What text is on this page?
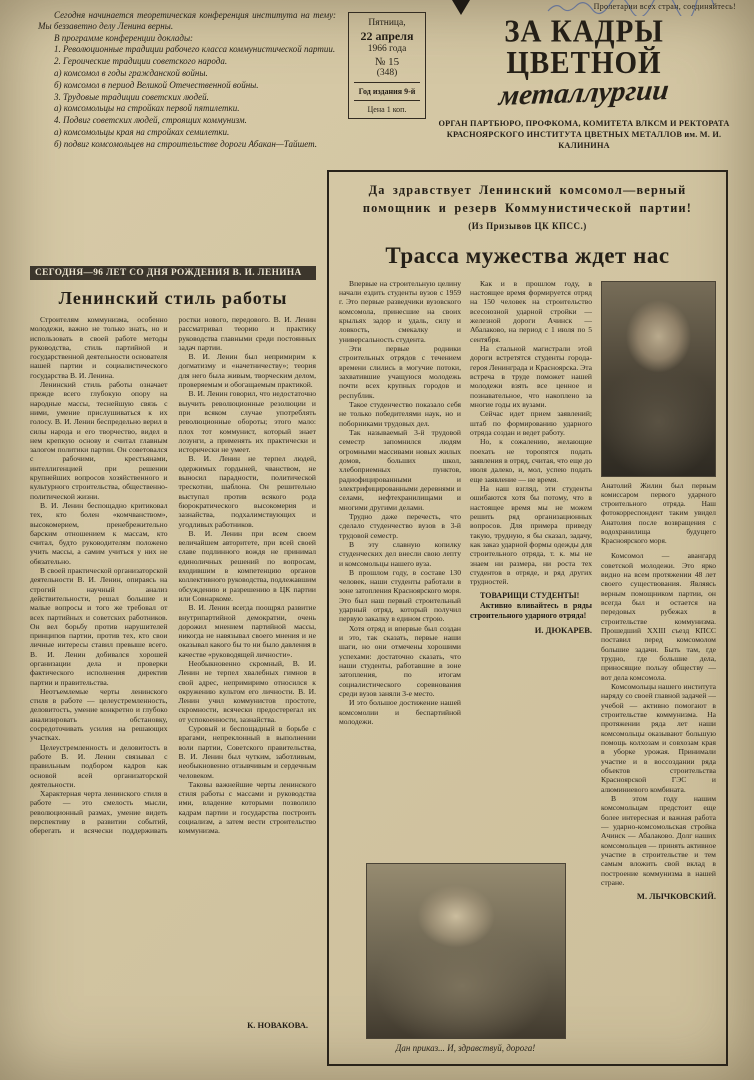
Сегодня начинается теоретическая конференция института на тему: Мы беззаветно делу Ленина верны.

В программе конференции доклады:

1. Революционные традиции рабочего класса коммунистической партии.

2. Героические традиции советского народа.

а) комсомол в годы гражданской войны.

б) комсомол в период Великой Отечественной войны.

3. Трудовые традиции советских людей.

а) комсомольцы на стройках первой пятилетки.

4. Подвиг советских людей, строящих коммунизм.

а) комсомольцы края на стройках семилетки.

б) подвиг комсомольцев на строительстве дороги Абакан—Тайшет.

Пятница,
22 апреля
1966 года
№ 15
(348)
Год издания 9-й
Цена 1 коп.
Пролетарии всех стран, соединяйтесь!
ЗА КАДРЫ ЦВЕТНОЙ
металлургии
ОРГАН ПАРТБЮРО, ПРОФКОМА, КОМИТЕТА ВЛКСМ И РЕКТОРАТА КРАСНОЯРСКОГО ИНСТИТУТА ЦВЕТНЫХ МЕТАЛЛОВ им. М. И. КАЛИНИНА
СЕГОДНЯ—96 ЛЕТ СО ДНЯ РОЖДЕНИЯ В. И. ЛЕНИНА
Ленинский стиль работы

Строителям коммунизма, особенно молодежи, важно не только знать, но и использовать в своей работе методы руководства, стиль партийной и государственной деятельности основателя нашей партии и социалистического государства В. И. Ленина.

Ленинский стиль работы означает прежде всего глубокую опору на народные массы, теснейшую связь с ними, умение прислушиваться к их голосу. В. И. Ленин беспредельно верил в силы народа и его творчество, видел в нем крепкую основу и считал главным залогом политики партии. Он советовался с рабочими, крестьянами, интеллигенцией при решении крупнейших вопросов хозяйственного и культурного строительства, общественно-политической жизни.

В. И. Ленин беспощадно критиковал тех, кто болен «комчванством», высокомерием, пренебрежительно барским отношением к массам, кто считал, будто руководителям положено учить массы, а самим учиться у них не обязательно.

В своей практической организаторской деятельности В. И. Ленин, опираясь на строгий научный анализ действительности, решал большие и малые вопросы и того же требовал от всех партийных и советских работников. Он вел борьбу против нарушителей принципов партии, против тех, кто свои личные интересы ставил превыше всего. В. И. Ленин добивался хорошей организации дела и проверки фактического исполнения директив партии и правительства.

Неотъемлемые черты ленинского стиля в работе — целеустремленность, деловитость, умение конкретно и глубоко анализировать обстановку, сосредоточивать усилия на решающих участках.

Целеустремленность и деловитость в работе В. И. Ленин связывал с правильным подбором кадров как основой всей организаторской деятельности.

Характерная черта ленинского стиля в работе — это смелость мысли, революционный размах, умение видеть перспективу в развитии событий, оберегать и всячески поддерживать ростки нового, передового. В. И. Ленин рассматривал теорию и практику руководства главными среди постоянных задач партии.

В. И. Ленин был непримирим к догматизму и «начетничеству»; теория для него была живым, творческим делом, проверяемым и обогащаемым практикой.

В. И. Ленин говорил, что недостаточно выучить революционные резолюции и при всяком случае употреблять революционные обороты; этого мало: плох тот коммунист, который знает лозунги, а применять их практически и исторически не умеет.

В. И. Ленин не терпел людей, одержимых гордыней, чванством, не выносил парадности, политической трескотни, шаблона. Он решительно выступал против всякого рода бюрократического высокомерия и зазнайства, подхалимствующих и угодливых работников.

В. И. Ленин при всем своем величайшем авторитете, при всей своей славе подлинного вождя не принимал единоличных решений по вопросам, входившим в компетенцию органов коллективного руководства, подлежавшим обсуждению и разрешению в ЦК партии или Совнаркоме.

В. И. Ленин всегда поощрял развитие внутрипартийной демократии, очень дорожил мнением партийной массы, никогда не навязывал своего мнения и не оказывал какого бы то ни было давления в качестве «руководящей личности».

Необыкновенно скромный, В. И. Ленин не терпел хвалебных гимнов в свой адрес, непримиримо относился к окружению культом его личности. В. И. Ленин учил коммунистов простоте, скромности, всячески предостерегал их от успокоенности, зазнайства.

Суровый и беспощадный в борьбе с врагами, непреклонный в выполнении воли партии, Советского правительства, В. И. Ленин был чутким, заботливым, необыкновенно отзывчивым и сердечным человеком.

Таковы важнейшие черты ленинского стиля работы с массами и руководства ими, владение которыми позволило кадрам партии и государства построить социализм, а затем вести строительство коммунизма.

К. НОВАКОВА.
Да здравствует Ленинский комсомол—верный помощник и резерв Коммунистической партии!
(Из Призывов ЦК КПСС.)
Трасса мужества ждет нас

Впервые на строительную целину начали ездить студенты вузов с 1959 г. Это первые разведчики вузовского комсомола, принесшие на своих крыльях задор и удаль, силу и ловкость, смекалку и универсальность студента.

Эти первые родники строительных отрядов с течением времени слились в могучие потоки, захватившие учащуюся молодежь почти всех крупных городов и республик.

Такое студенчество показало себя не только победителями наук, но и поборниками трудовых дел.

Так называемый 3-й трудовой семестр запомнился людям огромными массивами новых жилых домов, больших школ, хлебоприемных пунктов, радиофицированными и электрифицированными деревнями и селами, нефтехранилищами и многими другими делами.

Трудно даже перечесть, что сделало студенчество вузов в 3-й трудовой семестр.

В эту славную копилку студенческих дел внесли свою лепту и комсомольцы нашего вуза.

В прошлом году, в составе 130 человек, наши студенты работали в зоне затопления Красноярского моря. Это был наш первый строительный ударный отряд, который получил первую закалку в едином строю.

Хотя отряд и впервые был создан и это, так сказать, первые наши шаги, но они отмечены хорошими успехами: достаточно сказать, что наши студенты, работавшие в зоне затопления, по итогам социалистического соревнования среди вузов заняли 3-е место.

И это большое достижение нашей комсомолии и беспартийной молодежи.

Как и в прошлом году, в настоящее время формируется отряд на 150 человек на строительство всесоюзной ударной стройки — железной дороги Ачинск — Абалаково, на период с 1 июля по 5 сентября.

На стальной магистрали этой дороги встретятся студенты города-героя Ленинграда и Красноярска. Эта встреча в труде поможет нашей молодежи взять все ценное и познавательное, что накоплено за многие годы их вузами.

Сейчас идет прием заявлений; штаб по формированию ударного отряда создан и ведет работу.

Но, к сожалению, желающие поехать не торопятся подать заявления в отряд, считая, что еще до июля далеко, и, мол, успею подать еще заявление — не время.

На наш взгляд, эти студенты ошибаются хотя бы потому, что в настоящее время мы не можем решить ряд организационных вопросов. Для примера приведу такую, трудную, я бы сказал, задачу, как заказ ударной формы одежды для строительного отряда, т. к. мы не знаем ни размера, ни роста тех студентов в отряде, и ряд других трудностей.

ТОВАРИЩИ СТУДЕНТЫ!
Активно вливайтесь в ряды строительного ударного отряда!
И. ДЮКАРЕВ.
Дан приказ... И, здравствуй, дорога!
Анатолий Жилин был первым комиссаром первого ударного строительного отряда. Наш фотокорреспондент таким увидел Анатолия после возвращения с водохранилища будущего Красноярского моря.

Комсомол — авангард советской молодежи. Это ярко видно на всем протяжении 48 лет своего существования. Являясь верным помощником партии, он всегда был и остается на передовых рубежах в строительстве коммунизма. Прошедший XXIII съезд КПСС поставил перед комсомолом большие задачи. Быть там, где трудно, где большие дела, приносящие пользу обществу — вот дела комсомола.

Комсомольцы нашего института наряду со своей главной задачей — учебой — активно помогают в строительстве коммунизма. На протяжении ряда лет наши комсомольцы оказывают большую помощь колхозам и совхозам края в уборке урожая. Принимали участие и в воссоздании ряда объектов строительства Красноярской ГЭС и алюминиевого комбината.

В этом году нашим комсомольцам предстоит еще более интересная и важная работа — ударно-комсомольская стройка Ачинск — Абалаково. Долг наших комсомольцев — принять активное участие в строительстве и тем самым вложить свой вклад в построение коммунизма в нашей стране.

М. ЛЫЧКОВСКИЙ.
